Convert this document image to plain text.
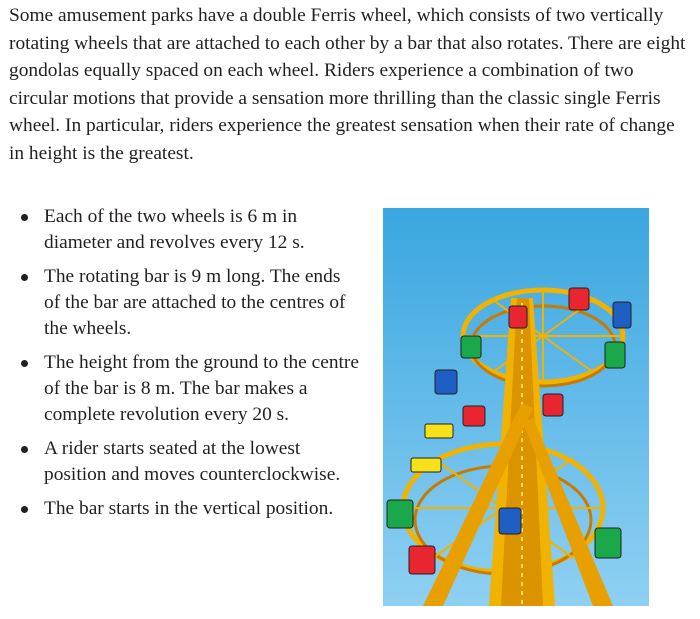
Some amusement parks have a double Ferris wheel, which consists of two vertically rotating wheels that are attached to each other by a bar that also rotates. There are eight gondolas equally spaced on each wheel. Riders experience a combination of two circular motions that provide a sensation more thrilling than the classic single Ferris wheel. In particular, riders experience the greatest sensation when their rate of change in height is the greatest.

Each of the two wheels is 6 m in diameter and revolves every 12 s.
The rotating bar is 9 m long. The ends of the bar are attached to the centres of the wheels.
The height from the ground to the centre of the bar is 8 m. The bar makes a complete revolution every 20 s.
A rider starts seated at the lowest position and moves counterclockwise.
The bar starts in the vertical position.
